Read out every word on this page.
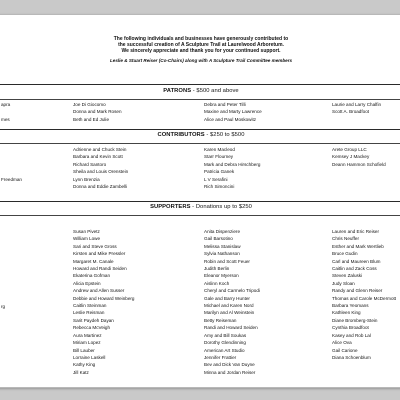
The following individuals and businesses have generously contributed to
the successful creation of A Sculpture Trail at Laurelwood Arboretum.
We sincerely appreciate and thank you for your continued support.
Leslie & Stuart Reiser (Co-Chairs) along with A Sculpture Trail Committee members
PATRONS - $500 and above
apra

mes
Joe Di Giocomo
Donna and Mark Rosen
Beth and Ed Julie
Debra and Peter Tilli
Maxine and Marty Lawrence
Alice and Paul Moskowitz
Laurie and Larry Chalfin
Scott A. Broadfoot
CONTRIBUTORS - $250 to $500

Freedman
Adrienne and Chuck Stein
Barbara and Kevin Scott
Richard Santoro
Sheila and Louis Orenstein
Lynn Brenzia
Donna and Eddie Zambelli
Karen Macleod
Starr Flourney
Mark and Debra Hirschberg
Patricia Ganek
L V Serafini
Rich Simoncini
Arete Group LLC
Kemsey J Mackey
Deann Hammon Schofield
SUPPORTERS - Donations up to $250

rg
Susan Pivetz
William Lowe
Sari and Steve Gross
Kirsten and Mike Pressler
Margaret M. Canale
Howard and Randi Seiden
Ekaterina Gofman
Alicia Epstein
Andrew and Allen Susser
Debbie and Howard Weinberg
Caitlin Steinman
Leslie Reisman
Sarit Paydeh Dayan
Rebecca McVeigh
Aura Martinez
Miriam Lopez
Bill Lauber
Lorraine Laskell
Kathy King
Jill Katz
Anita Dispenziere
Gail Barsotino
Melissa Stanislaw
Sylvia Nathanson
Robin and Scott Feuer
Judith Berlin
Eleanor Myerson
Aislinn Koch
Cheryl and Carmelo Tripodi
Gale and Barry Hunter
Michael and Karen Nord
Marilyn and Al Weinstein
Betty Reiseman
Randi and Howard Seiden
Amy and Bill Soukas
Dorothy Glendinning
American Art Studio
Jennifer Frattier
Bev and Dick Van Duyne
Minna and Jordan Reiser
Lauren and Eric Reiser
Chris Neuffer
Esther and Mark Wertlieb
Bruce Gudin
Carl and Maureen Blum
Caitlin and Zack Coss
Steven Zaluski
Judy Sloan
Randy and Glenn Reiser
Thomas and Carole McDermott
Barbara Yeomans
Kathleen King
Diane Bromberg-Stein
Cynthia Broadfoot
Kasey and Rob Lal
Alice Ova
Gail Carione
Diana Schoenblum
